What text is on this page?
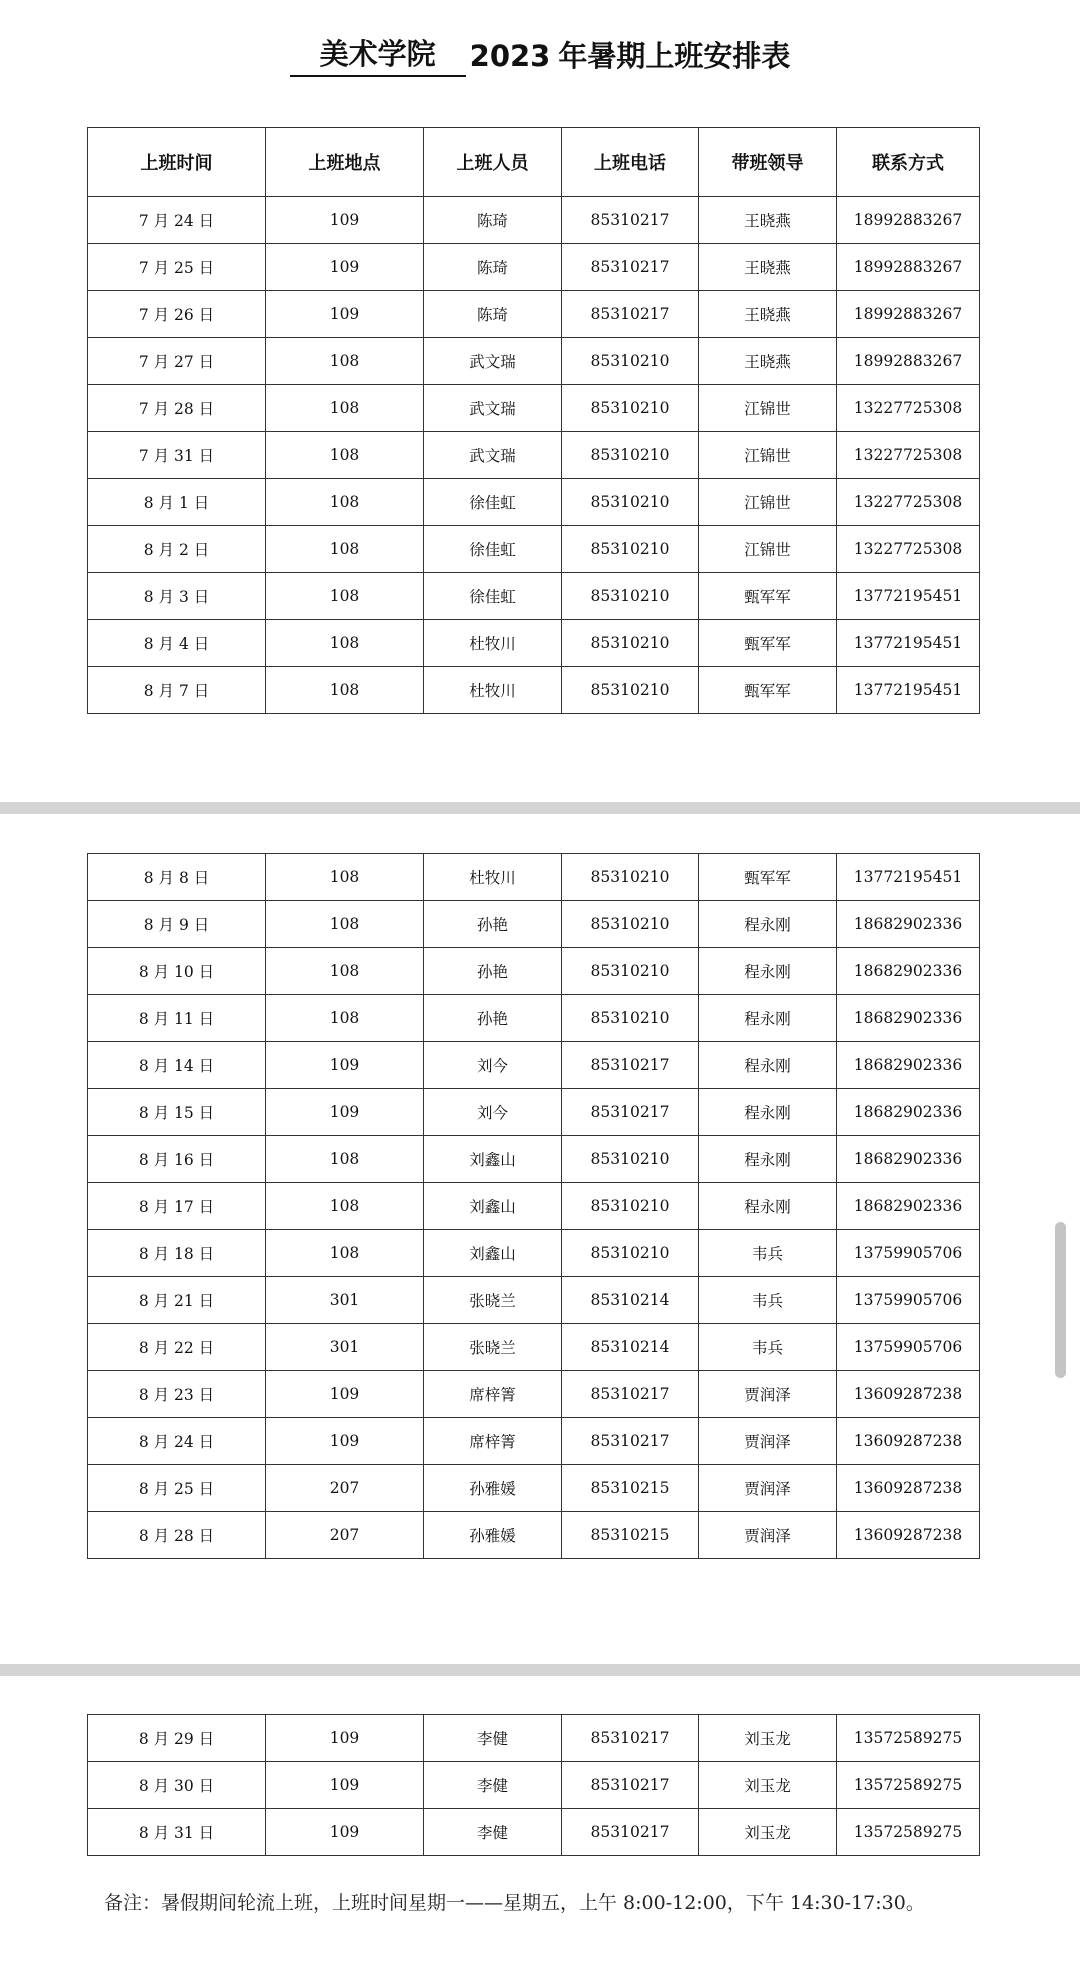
美术学院	2023 年暑期上班安排表
上班时间	上班地点	上班人员	上班电话	带班领导	联系方式
7 月 24 日	109	陈琦	85310217	王晓燕	18992883267
7 月 25 日	109	陈琦	85310217	王晓燕	18992883267
7 月 26 日	109	陈琦	85310217	王晓燕	18992883267
7 月 27 日	108	武文瑞	85310210	王晓燕	18992883267
7 月 28 日	108	武文瑞	85310210	江锦世	13227725308
7 月 31 日	108	武文瑞	85310210	江锦世	13227725308
8 月 1 日	108	徐佳虹	85310210	江锦世	13227725308
8 月 2 日	108	徐佳虹	85310210	江锦世	13227725308
8 月 3 日	108	徐佳虹	85310210	甄军军	13772195451
8 月 4 日	108	杜牧川	85310210	甄军军	13772195451
8 月 7 日	108	杜牧川	85310210	甄军军	13772195451
8 月 8 日	108	杜牧川	85310210	甄军军	13772195451
8 月 9 日	108	孙艳	85310210	程永刚	18682902336
8 月 10 日	108	孙艳	85310210	程永刚	18682902336
8 月 11 日	108	孙艳	85310210	程永刚	18682902336
8 月 14 日	109	刘今	85310217	程永刚	18682902336
8 月 15 日	109	刘今	85310217	程永刚	18682902336
8 月 16 日	108	刘鑫山	85310210	程永刚	18682902336
8 月 17 日	108	刘鑫山	85310210	程永刚	18682902336
8 月 18 日	108	刘鑫山	85310210	韦兵	13759905706
8 月 21 日	301	张晓兰	85310214	韦兵	13759905706
8 月 22 日	301	张晓兰	85310214	韦兵	13759905706
8 月 23 日	109	席梓箐	85310217	贾润泽	13609287238
8 月 24 日	109	席梓箐	85310217	贾润泽	13609287238
8 月 25 日	207	孙雅媛	85310215	贾润泽	13609287238
8 月 28 日	207	孙雅媛	85310215	贾润泽	13609287238
8 月 29 日	109	李健	85310217	刘玉龙	13572589275
8 月 30 日	109	李健	85310217	刘玉龙	13572589275
8 月 31 日	109	李健	85310217	刘玉龙	13572589275
备注：暑假期间轮流上班，上班时间星期一——星期五，上午 8:00-12:00，下午 14:30-17:30。
